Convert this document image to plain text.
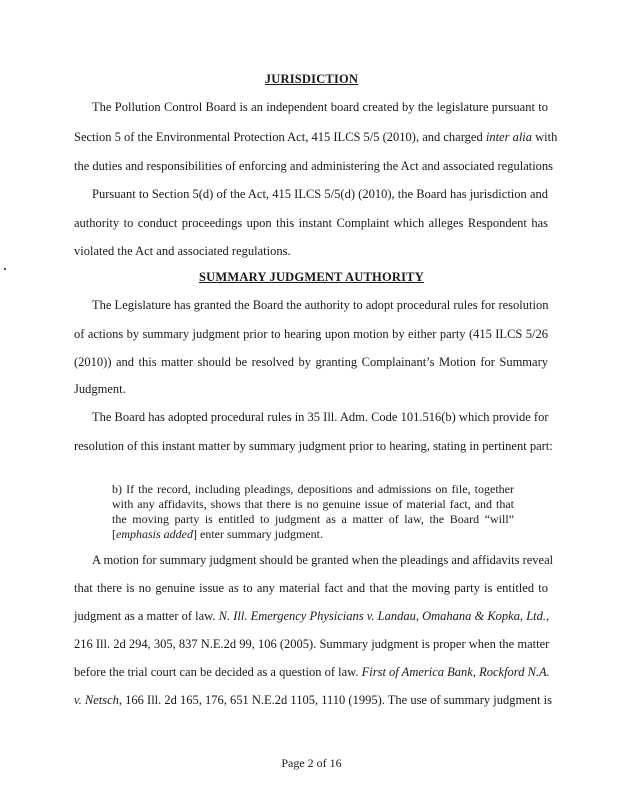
JURISDICTION
The Pollution Control Board is an independent board created by the legislature pursuant to
Section 5 of the Environmental Protection Act, 415 ILCS 5/5 (2010), and charged inter alia with
the duties and responsibilities of enforcing and administering the Act and associated regulations
Pursuant to Section 5(d) of the Act, 415 ILCS 5/5(d) (2010), the Board has jurisdiction and
authority to conduct proceedings upon this instant Complaint which alleges Respondent has
violated the Act and associated regulations.
SUMMARY JUDGMENT AUTHORITY
The Legislature has granted the Board the authority to adopt procedural rules for resolution
of actions by summary judgment prior to hearing upon motion by either party (415 ILCS 5/26
(2010)) and this matter should be resolved by granting Complainant’s Motion for Summary
Judgment.
The Board has adopted procedural rules in 35 Ill. Adm. Code 101.516(b) which provide for
resolution of this instant matter by summary judgment prior to hearing, stating in pertinent part:
b) If the record, including pleadings, depositions and admissions on file, together
with any affidavits, shows that there is no genuine issue of material fact, and that
the moving party is entitled to judgment as a matter of law, the Board “will”
[emphasis added] enter summary judgment.
A motion for summary judgment should be granted when the pleadings and affidavits reveal
that there is no genuine issue as to any material fact and that the moving party is entitled to
judgment as a matter of law. N. Ill. Emergency Physicians v. Landau, Omahana & Kopka, Ltd.,
216 Ill. 2d 294, 305, 837 N.E.2d 99, 106 (2005). Summary judgment is proper when the matter
before the trial court can be decided as a question of law. First of America Bank, Rockford N.A.
v. Netsch, 166 Ill. 2d 165, 176, 651 N.E.2d 1105, 1110 (1995). The use of summary judgment is
Page 2 of 16
